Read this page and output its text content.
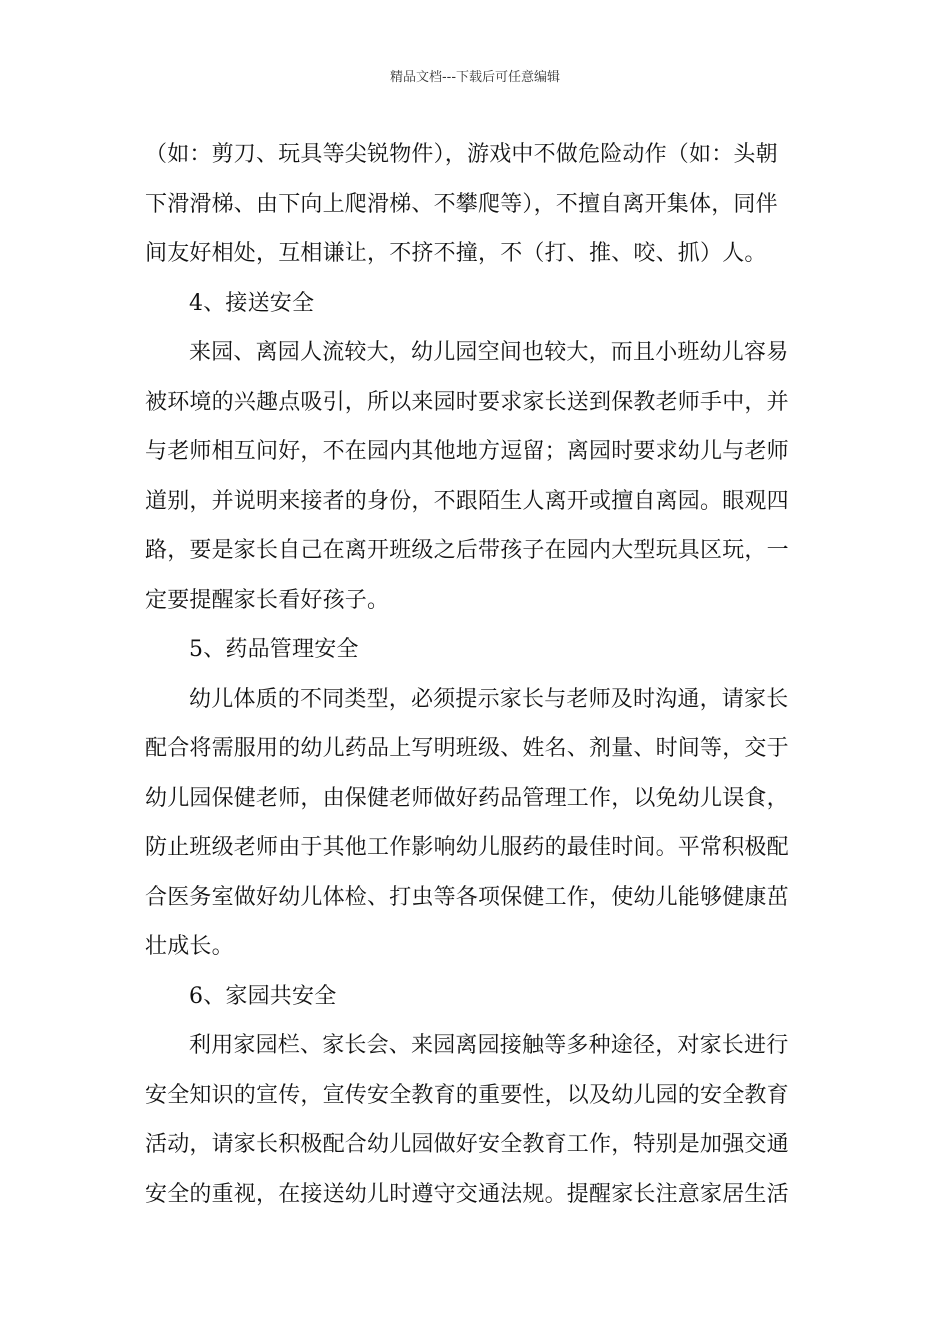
精品文档---下载后可任意编辑
（如：剪刀、玩具等尖锐物件），游戏中不做危险动作（如：头朝
下滑滑梯、由下向上爬滑梯、不攀爬等），不擅自离开集体，同伴
间友好相处，互相谦让，不挤不撞，不（打、推、咬、抓）人。
4、接送安全
来园、离园人流较大，幼儿园空间也较大，而且小班幼儿容易
被环境的兴趣点吸引，所以来园时要求家长送到保教老师手中，并
与老师相互问好，不在园内其他地方逗留；离园时要求幼儿与老师
道别，并说明来接者的身份，不跟陌生人离开或擅自离园。眼观四
路，要是家长自己在离开班级之后带孩子在园内大型玩具区玩，一
定要提醒家长看好孩子。
5、药品管理安全
幼儿体质的不同类型，必须提示家长与老师及时沟通，请家长
配合将需服用的幼儿药品上写明班级、姓名、剂量、时间等，交于
幼儿园保健老师，由保健老师做好药品管理工作，以免幼儿误食，
防止班级老师由于其他工作影响幼儿服药的最佳时间。平常积极配
合医务室做好幼儿体检、打虫等各项保健工作，使幼儿能够健康茁
壮成长。
6、家园共安全
利用家园栏、家长会、来园离园接触等多种途径，对家长进行
安全知识的宣传，宣传安全教育的重要性，以及幼儿园的安全教育
活动，请家长积极配合幼儿园做好安全教育工作，特别是加强交通
安全的重视，在接送幼儿时遵守交通法规。提醒家长注意家居生活
